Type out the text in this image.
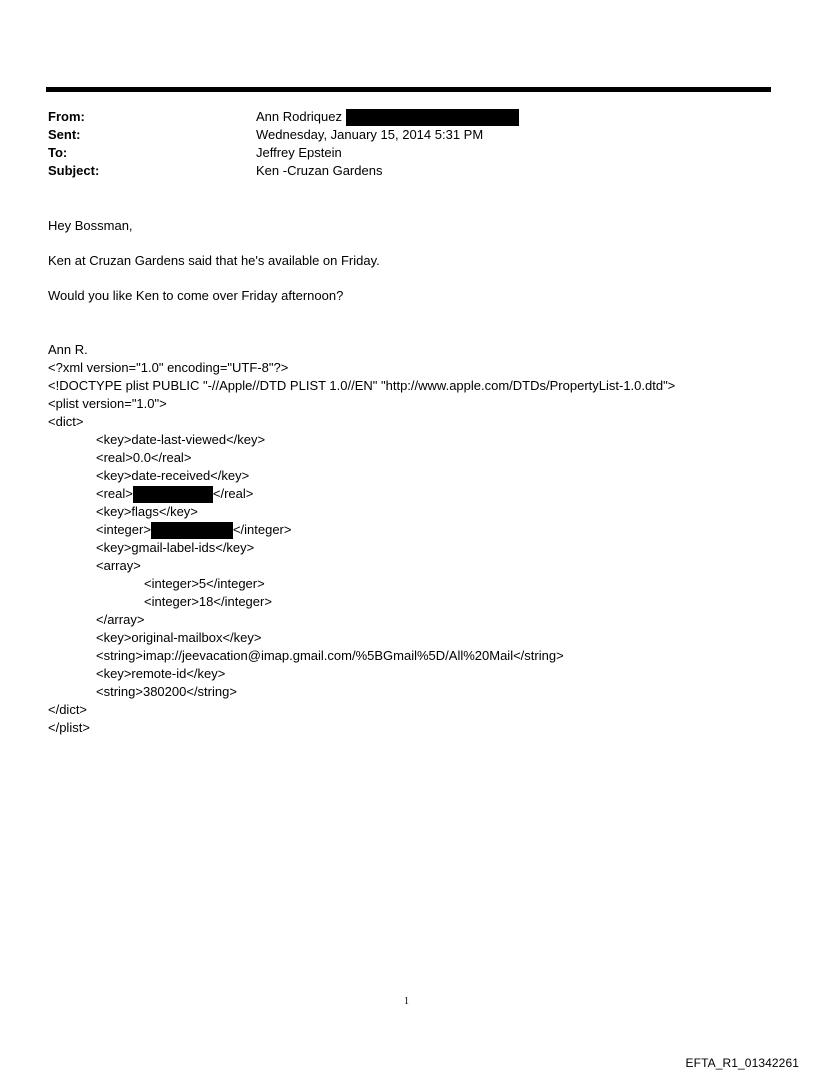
From:	Ann Rodriquez
Sent:	Wednesday, January 15, 2014 5:31 PM
To:	Jeffrey Epstein
Subject:	Ken -Cruzan Gardens
Hey Bossman,
Ken at Cruzan Gardens said that he's available on Friday.
Would you like Ken to come over Friday afternoon?
Ann R.
<?xml version="1.0" encoding="UTF-8"?>
<!DOCTYPE plist PUBLIC "-//Apple//DTD PLIST 1.0//EN" "http://www.apple.com/DTDs/PropertyList-1.0.dtd">
<plist version="1.0">
<dict>
<key>date-last-viewed</key>
<real>0.0</real>
<key>date-received</key>
<real>	</real>
<key>flags</key>
<integer>	</integer>
<key>gmail-label-ids</key>
<array>
<integer>5</integer>
<integer>18</integer>
</array>
<key>original-mailbox</key>
<string>imap://jeevacation@imap.gmail.com/%5BGmail%5D/All%20Mail</string>
<key>remote-id</key>
<string>380200</string>
</dict>
</plist>
1
EFTA_R1_01342261
